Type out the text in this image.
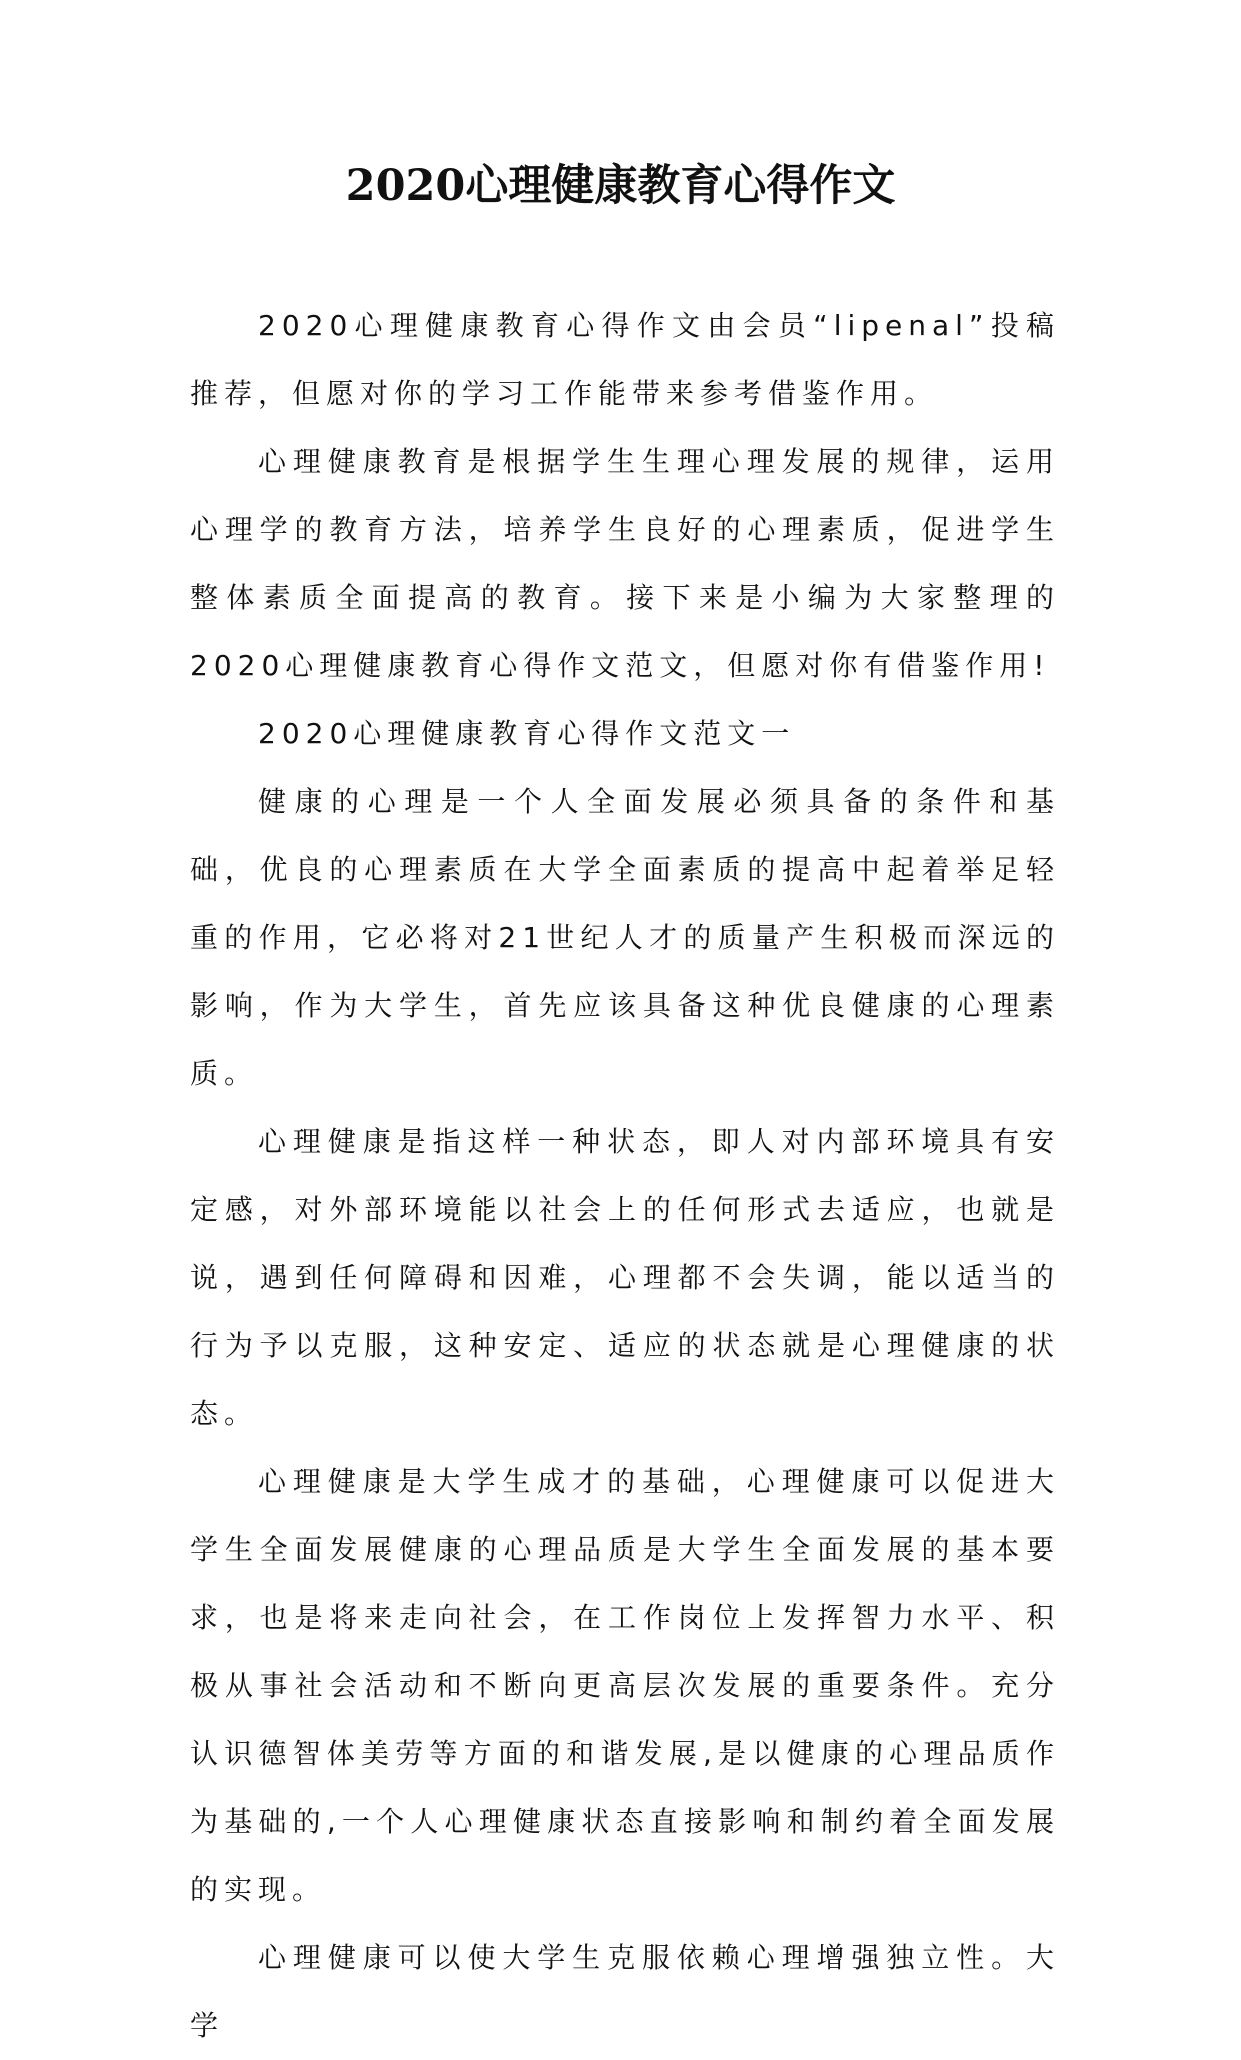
2020心理健康教育心得作文

2020心理健康教育心得作文由会员“lipenal”投稿推荐，但愿对你的学习工作能带来参考借鉴作用。

心理健康教育是根据学生生理心理发展的规律，运用心理学的教育方法，培养学生良好的心理素质，促进学生整体素质全面提高的教育。接下来是小编为大家整理的2020心理健康教育心得作文范文，但愿对你有借鉴作用!

2020心理健康教育心得作文范文一

健康的心理是一个人全面发展必须具备的条件和基础，优良的心理素质在大学全面素质的提高中起着举足轻重的作用，它必将对21世纪人才的质量产生积极而深远的影响，作为大学生，首先应该具备这种优良健康的心理素质。

心理健康是指这样一种状态，即人对内部环境具有安定感，对外部环境能以社会上的任何形式去适应，也就是说，遇到任何障碍和因难，心理都不会失调，能以适当的行为予以克服，这种安定、适应的状态就是心理健康的状态。

心理健康是大学生成才的基础，心理健康可以促进大学生全面发展健康的心理品质是大学生全面发展的基本要求，也是将来走向社会，在工作岗位上发挥智力水平、积极从事社会活动和不断向更高层次发展的重要条件。充分认识德智体美劳等方面的和谐发展,是以健康的心理品质作为基础的,一个人心理健康状态直接影响和制约着全面发展的实现。

心理健康可以使大学生克服依赖心理增强独立性。大学
